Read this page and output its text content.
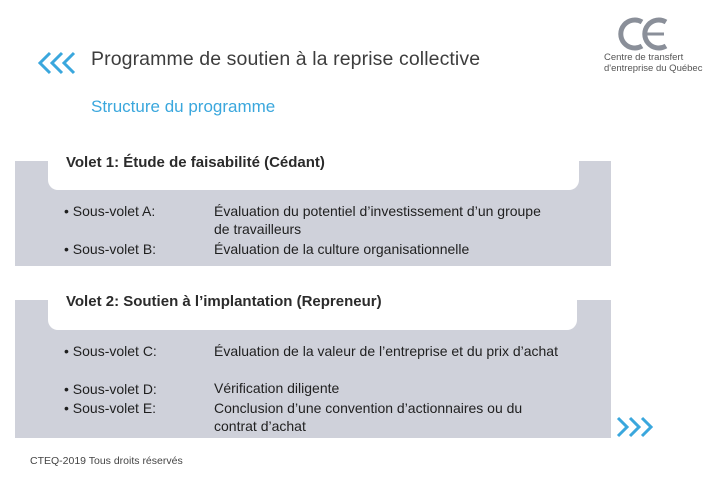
Programme de soutien à la reprise collective
Structure du programme
Centre de transfert
d'entreprise du Québec
Volet 1: Étude de faisabilité (Cédant)
• Sous-volet A:	Évaluation du potentiel d’investissement d’un groupe de travailleurs
• Sous-volet B:	Évaluation de la culture organisationnelle
Volet 2: Soutien à l’implantation (Repreneur)
• Sous-volet C:	Évaluation de la valeur de l’entreprise et du prix d’achat
• Sous-volet D:	Vérification diligente
• Sous-volet E:	Conclusion d’une convention d’actionnaires ou du contrat d’achat
CTEQ-2019 Tous droits réservés
